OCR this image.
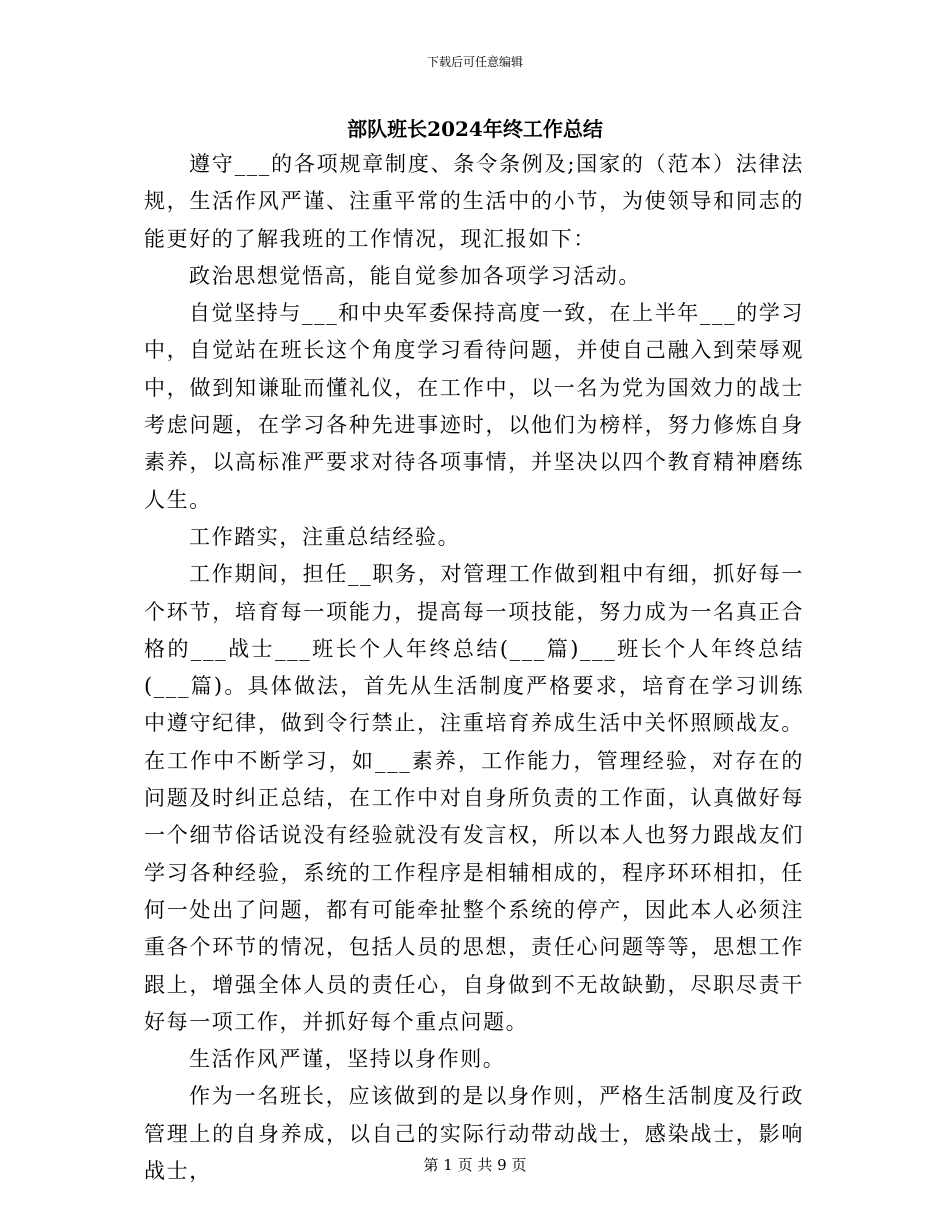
下载后可任意编辑
部队班长2024年终工作总结

遵守___的各项规章制度、条令条例及;国家的（范本）法律法规，生活作风严谨、注重平常的生活中的小节，为使领导和同志的能更好的了解我班的工作情况，现汇报如下：

政治思想觉悟高，能自觉参加各项学习活动。

自觉坚持与___和中央军委保持高度一致，在上半年___的学习中，自觉站在班长这个角度学习看待问题，并使自己融入到荣辱观中，做到知谦耻而懂礼仪，在工作中，以一名为党为国效力的战士考虑问题，在学习各种先进事迹时，以他们为榜样，努力修炼自身素养，以高标准严要求对待各项事情，并坚决以四个教育精神磨练人生。

工作踏实，注重总结经验。

工作期间，担任__职务，对管理工作做到粗中有细，抓好每一个环节，培育每一项能力，提高每一项技能，努力成为一名真正合格的___战士___班长个人年终总结(___篇)___班长个人年终总结(___篇)。具体做法，首先从生活制度严格要求，培育在学习训练中遵守纪律，做到令行禁止，注重培育养成生活中关怀照顾战友。在工作中不断学习，如___素养，工作能力，管理经验，对存在的问题及时纠正总结，在工作中对自身所负责的工作面，认真做好每一个细节俗话说没有经验就没有发言权，所以本人也努力跟战友们学习各种经验，系统的工作程序是相辅相成的，程序环环相扣，任何一处出了问题，都有可能牵扯整个系统的停产，因此本人必须注重各个环节的情况，包括人员的思想，责任心问题等等，思想工作跟上，增强全体人员的责任心，自身做到不无故缺勤，尽职尽责干好每一项工作，并抓好每个重点问题。

生活作风严谨，坚持以身作则。

作为一名班长，应该做到的是以身作则，严格生活制度及行政管理上的自身养成，以自己的实际行动带动战士，感染战士，影响战士，	第 1 页 共 9 页
